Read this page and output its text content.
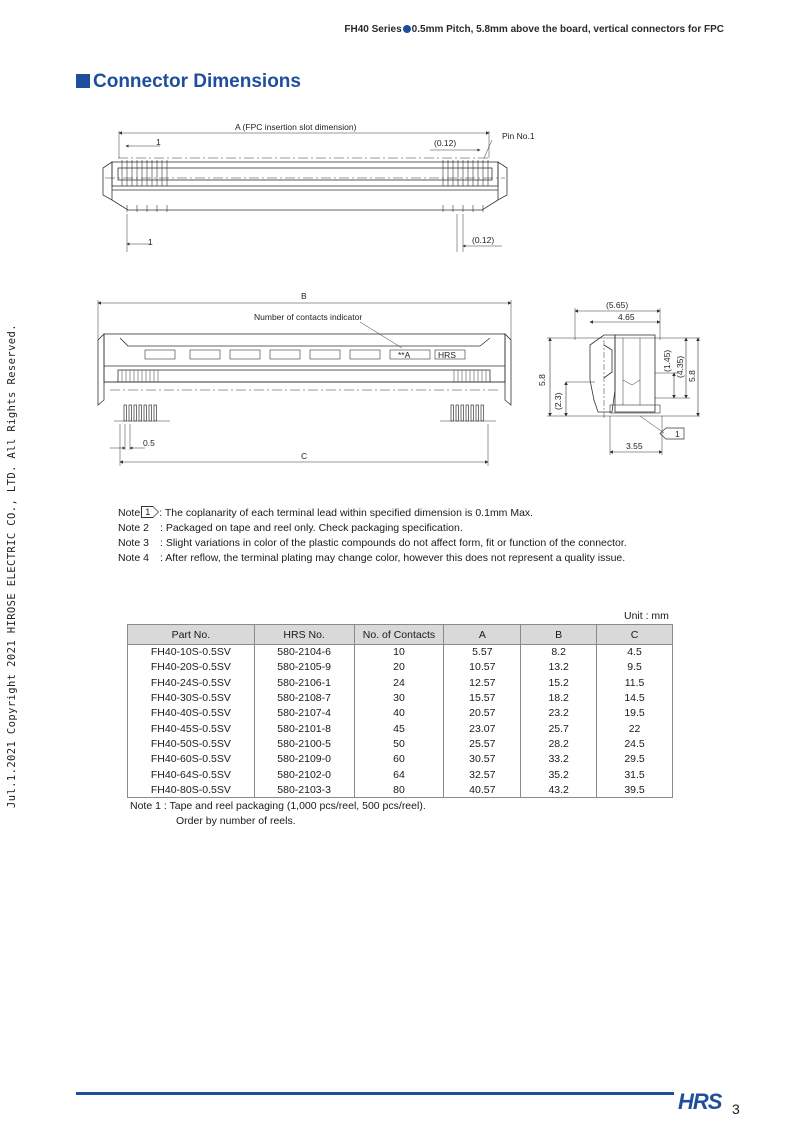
FH40 Series 0.5mm Pitch, 5.8mm above the board, vertical connectors for FPC
Connector Dimensions
Jul.1.2021 Copyright 2021 HIROSE ELECTRIC CO., LTD. All Rights Reserved.
A (FPC insertion slot dimension)
Pin No.1
1	(0.12)
1	(0.12)
B
Number of contacts indicator
**A	HRS
0.5
C
(5.65)
4.65
5.8
(2.3)
(1.45) (4.35) 5.8
3.55
1
Note 1 : The coplanarity of each terminal lead within specified dimension is 0.1mm Max.
Note 2	: Packaged on tape and reel only. Check packaging specification.
Note 3	: Slight variations in color of the plastic compounds do not affect form, fit or function of the connector.
Note 4	: After reflow, the terminal plating may change color, however this does not represent a quality issue.
Unit : mm
Part No.	HRS No.	No. of Contacts	A	B	C
FH40-10S-0.5SV	580-2104-6	10	5.57	8.2	4.5
FH40-20S-0.5SV	580-2105-9	20	10.57	13.2	9.5
FH40-24S-0.5SV	580-2106-1	24	12.57	15.2	11.5
FH40-30S-0.5SV	580-2108-7	30	15.57	18.2	14.5
FH40-40S-0.5SV	580-2107-4	40	20.57	23.2	19.5
FH40-45S-0.5SV	580-2101-8	45	23.07	25.7	22
FH40-50S-0.5SV	580-2100-5	50	25.57	28.2	24.5
FH40-60S-0.5SV	580-2109-0	60	30.57	33.2	29.5
FH40-64S-0.5SV	580-2102-0	64	32.57	35.2	31.5
FH40-80S-0.5SV	580-2103-3	80	40.57	43.2	39.5
Note 1 : Tape and reel packaging (1,000 pcs/reel, 500 pcs/reel).
Order by number of reels.
HRS 3
